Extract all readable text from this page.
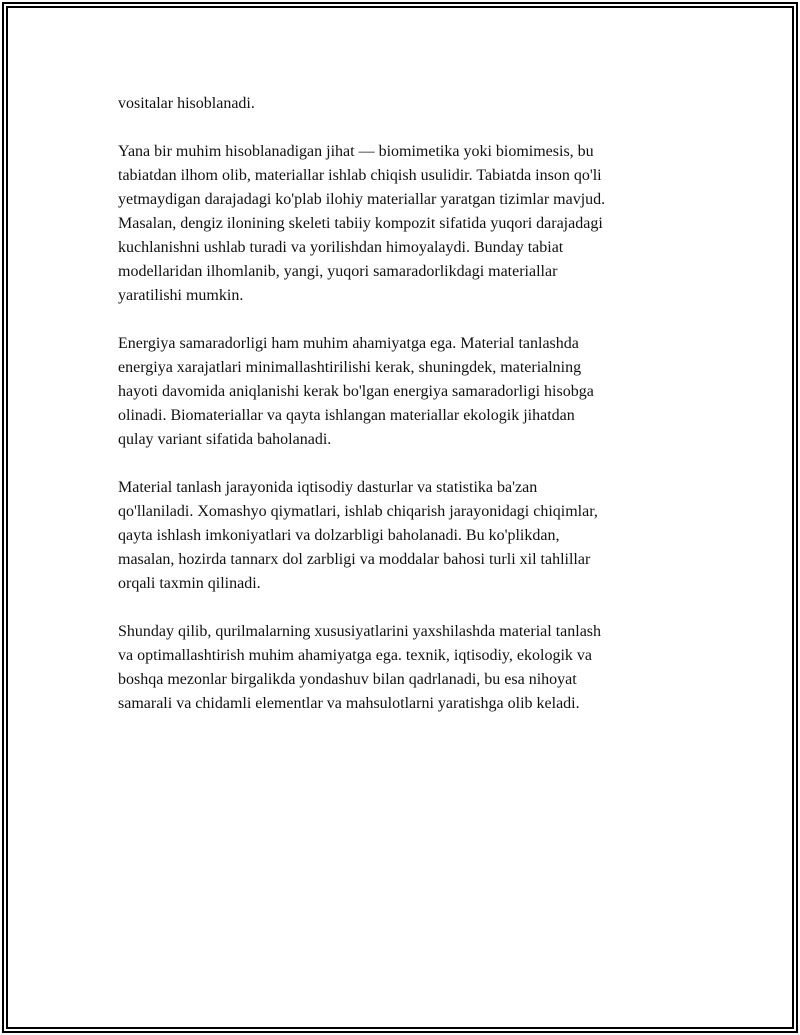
vositalar hisoblanadi.

Yana bir muhim hisoblanadigan jihat — biomimetika yoki biomimesis, bu
tabiatdan ilhom olib, materiallar ishlab chiqish usulidir. Tabiatda inson qo'li
yetmaydigan darajadagi ko'plab ilohiy materiallar yaratgan tizimlar mavjud.
Masalan, dengiz ilonining skeleti tabiiy kompozit sifatida yuqori darajadagi
kuchlanishni ushlab turadi va yorilishdan himoyalaydi. Bunday tabiat
modellaridan ilhomlanib, yangi, yuqori samaradorlikdagi materiallar
yaratilishi mumkin.

Energiya samaradorligi ham muhim ahamiyatga ega. Material tanlashda
energiya xarajatlari minimallashtirilishi kerak, shuningdek, materialning
hayoti davomida aniqlanishi kerak bo'lgan energiya samaradorligi hisobga
olinadi. Biomateriallar va qayta ishlangan materiallar ekologik jihatdan
qulay variant sifatida baholanadi.

Material tanlash jarayonida iqtisodiy dasturlar va statistika ba'zan
qo'llaniladi. Xomashyo qiymatlari, ishlab chiqarish jarayonidagi chiqimlar,
qayta ishlash imkoniyatlari va dolzarbligi baholanadi. Bu ko'plikdan,
masalan, hozirda tannarx dol zarbligi va moddalar bahosi turli xil tahlillar
orqali taxmin qilinadi.

Shunday qilib, qurilmalarning xususiyatlarini yaxshilashda material tanlash
va optimallashtirish muhim ahamiyatga ega. texnik, iqtisodiy, ekologik va
boshqa mezonlar birgalikda yondashuv bilan qadrlanadi, bu esa nihoyat
samarali va chidamli elementlar va mahsulotlarni yaratishga olib keladi.
